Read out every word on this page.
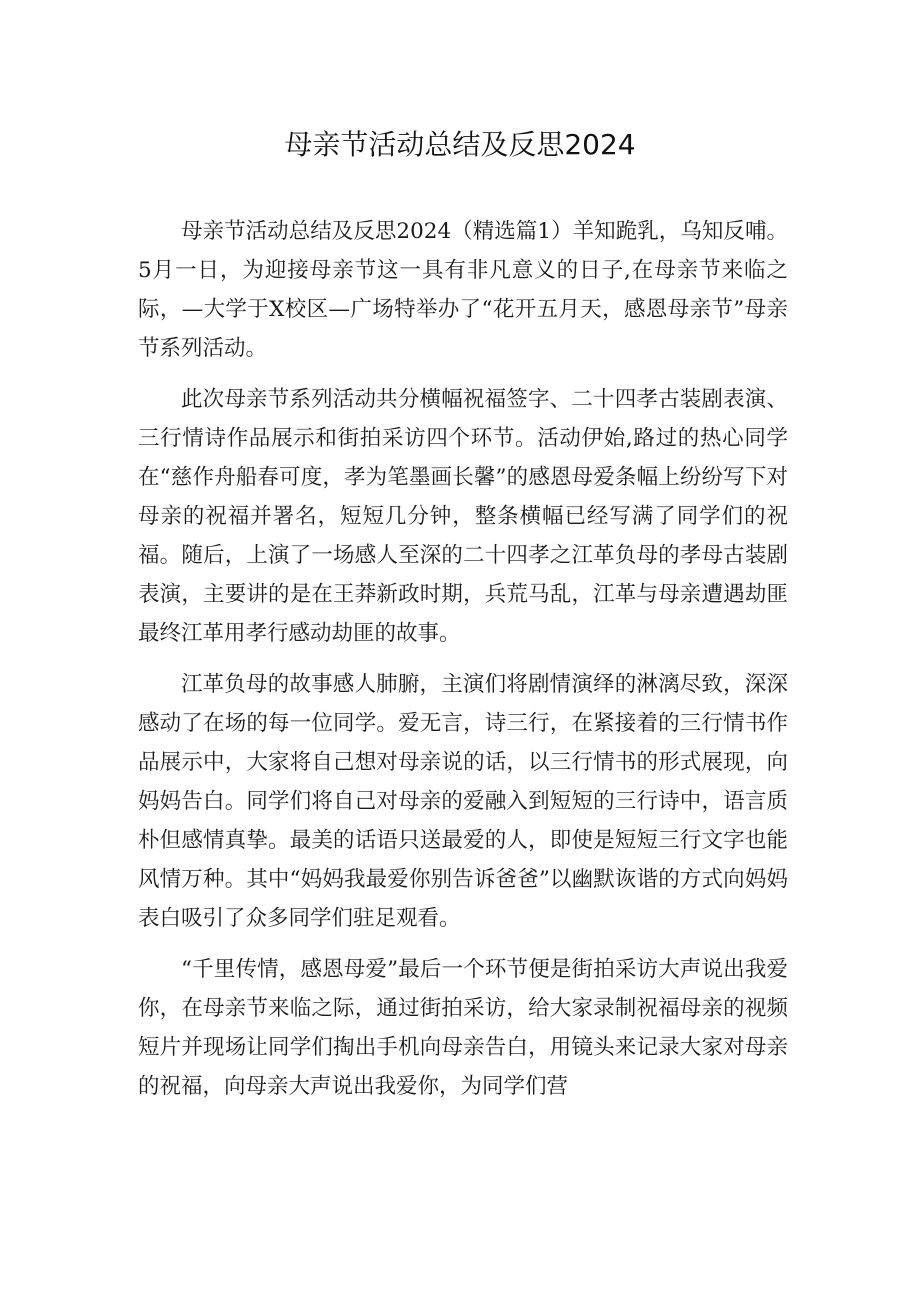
母亲节活动总结及反思2024

母亲节活动总结及反思2024（精选篇1）羊知跪乳，乌知反哺。5月一日，为迎接母亲节这一具有非凡意义的日子,在母亲节来临之际，—大学于X校区—广场特举办了“花开五月天，感恩母亲节”母亲节系列活动。

此次母亲节系列活动共分横幅祝福签字、二十四孝古装剧表演、三行情诗作品展示和街拍采访四个环节。活动伊始,路过的热心同学在“慈作舟船春可度，孝为笔墨画长馨”的感恩母爱条幅上纷纷写下对母亲的祝福并署名，短短几分钟，整条横幅已经写满了同学们的祝福。随后，上演了一场感人至深的二十四孝之江革负母的孝母古装剧表演，主要讲的是在王莽新政时期，兵荒马乱，江革与母亲遭遇劫匪最终江革用孝行感动劫匪的故事。

江革负母的故事感人肺腑，主演们将剧情演绎的淋漓尽致，深深感动了在场的每一位同学。爱无言，诗三行，在紧接着的三行情书作品展示中，大家将自己想对母亲说的话，以三行情书的形式展现，向妈妈告白。同学们将自己对母亲的爱融入到短短的三行诗中，语言质朴但感情真挚。最美的话语只送最爱的人，即使是短短三行文字也能风情万种。其中“妈妈我最爱你别告诉爸爸”以幽默诙谐的方式向妈妈表白吸引了众多同学们驻足观看。

“千里传情，感恩母爱”最后一个环节便是街拍采访大声说出我爱你，在母亲节来临之际，通过街拍采访，给大家录制祝福母亲的视频短片并现场让同学们掏出手机向母亲告白，用镜头来记录大家对母亲的祝福，向母亲大声说出我爱你，为同学们营
